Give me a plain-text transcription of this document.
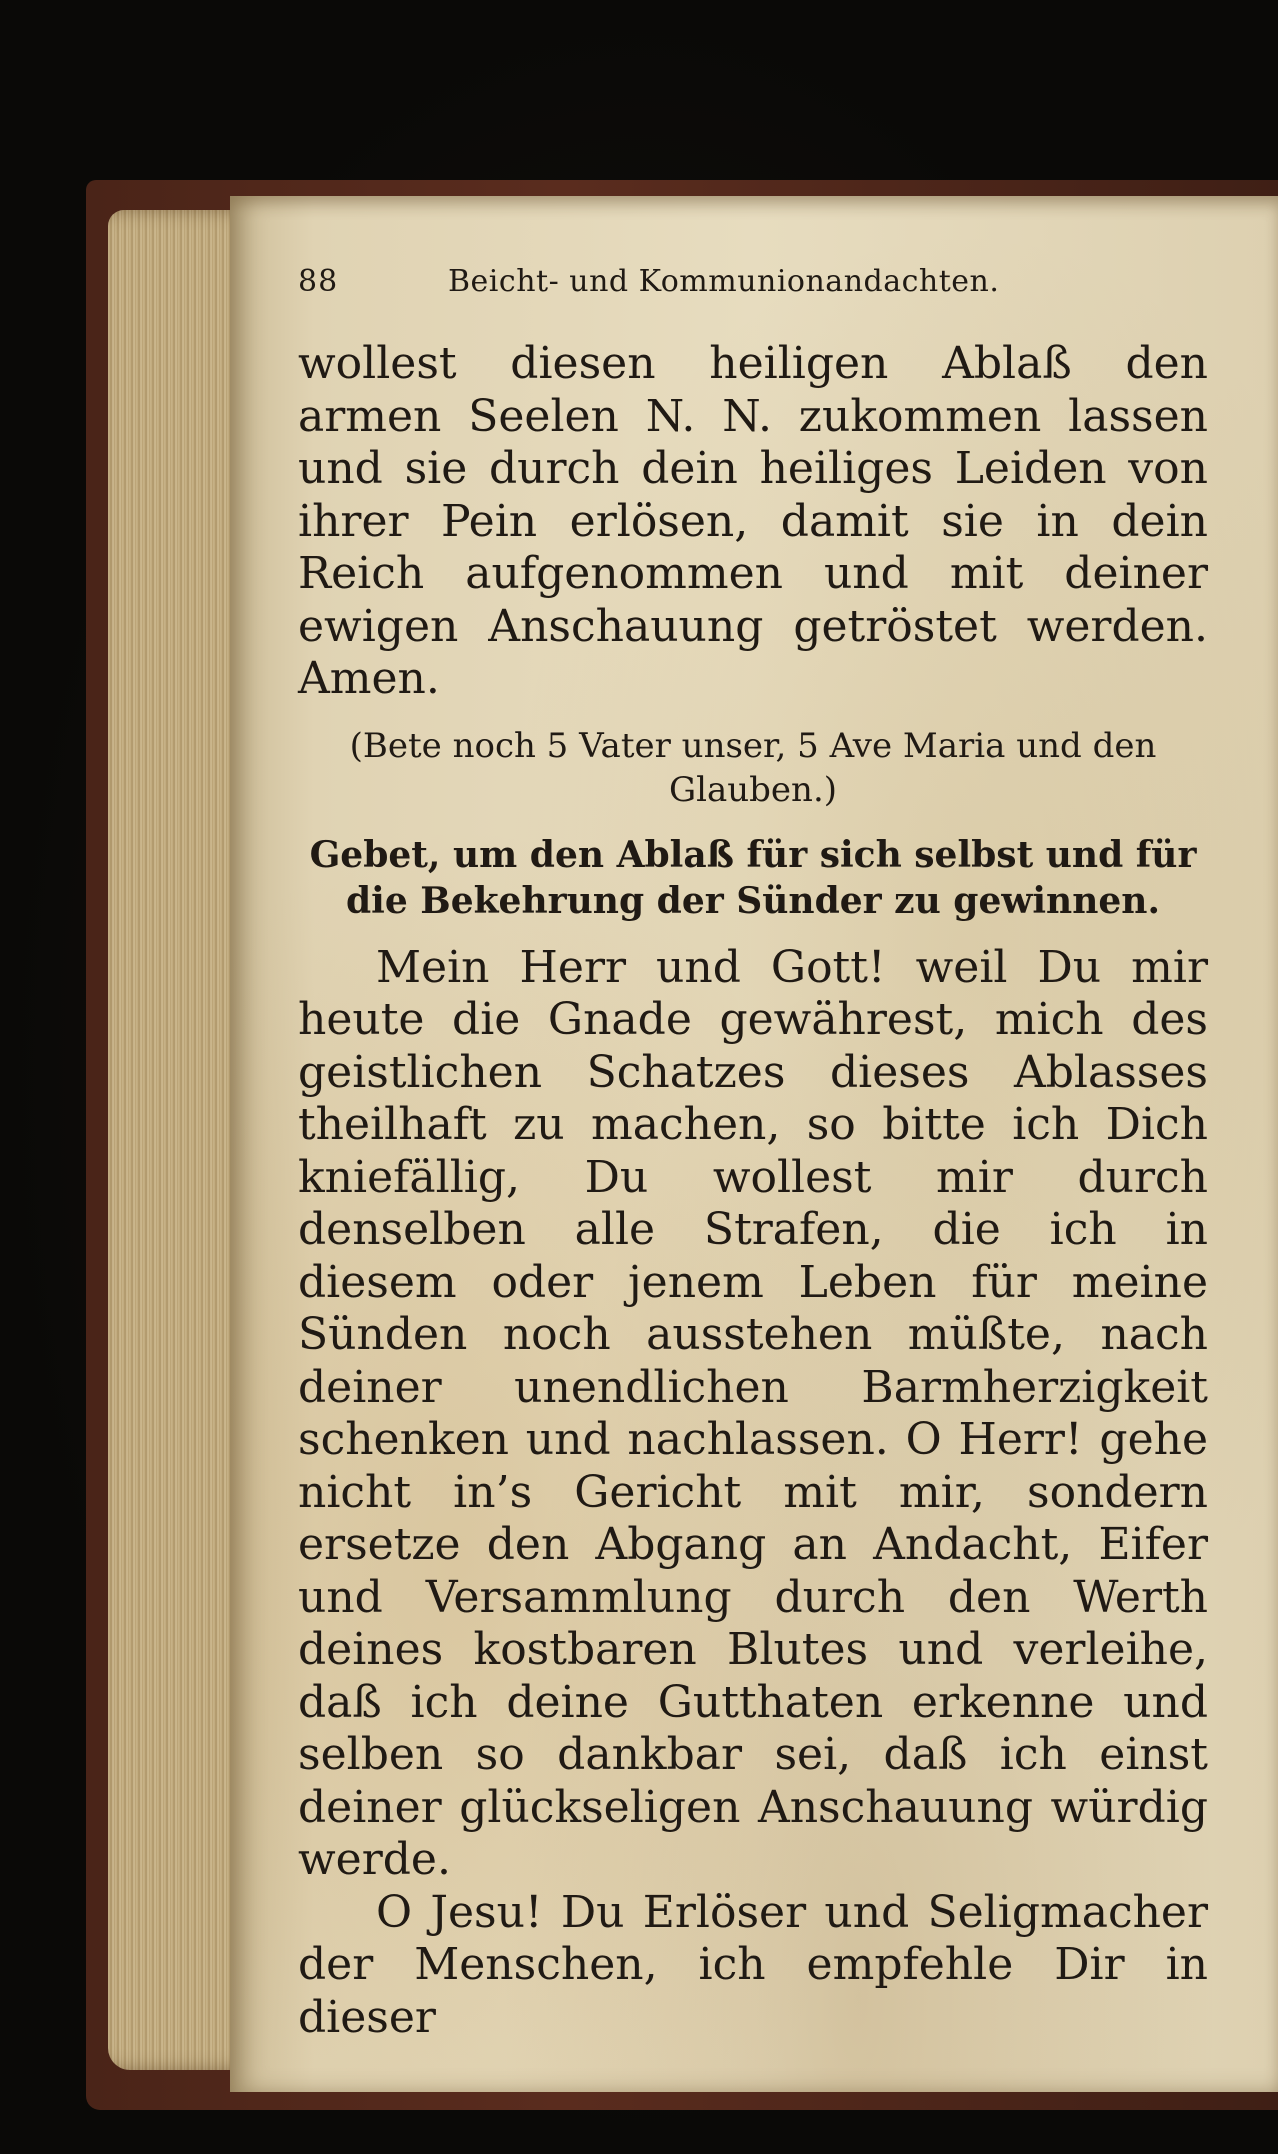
88	Beicht- und Kommunionandachten.

wollest diesen heiligen Ablaß den armen Seelen N. N. zukommen lassen und sie durch dein heiliges Leiden von ihrer Pein erlösen, damit sie in dein Reich aufgenommen und mit deiner ewigen Anschauung getröstet werden. Amen.

(Bete noch 5 Vater unser, 5 Ave Maria und den Glauben.)

Gebet, um den Ablaß für sich selbst und für die Bekehrung der Sünder zu gewinnen.

Mein Herr und Gott! weil Du mir heute die Gnade gewährest, mich des geistlichen Schatzes dieses Ablasses theilhaft zu machen, so bitte ich Dich kniefällig, Du wollest mir durch denselben alle Strafen, die ich in diesem oder jenem Leben für meine Sünden noch ausstehen müßte, nach deiner unendlichen Barmherzigkeit schenken und nachlassen. O Herr! gehe nicht in’s Gericht mit mir, sondern ersetze den Abgang an Andacht, Eifer und Versammlung durch den Werth deines kostbaren Blutes und verleihe, daß ich deine Gutthaten erkenne und selben so dankbar sei, daß ich einst deiner glückseligen Anschauung würdig werde.

O Jesu! Du Erlöser und Seligmacher der Menschen, ich empfehle Dir in dieser
